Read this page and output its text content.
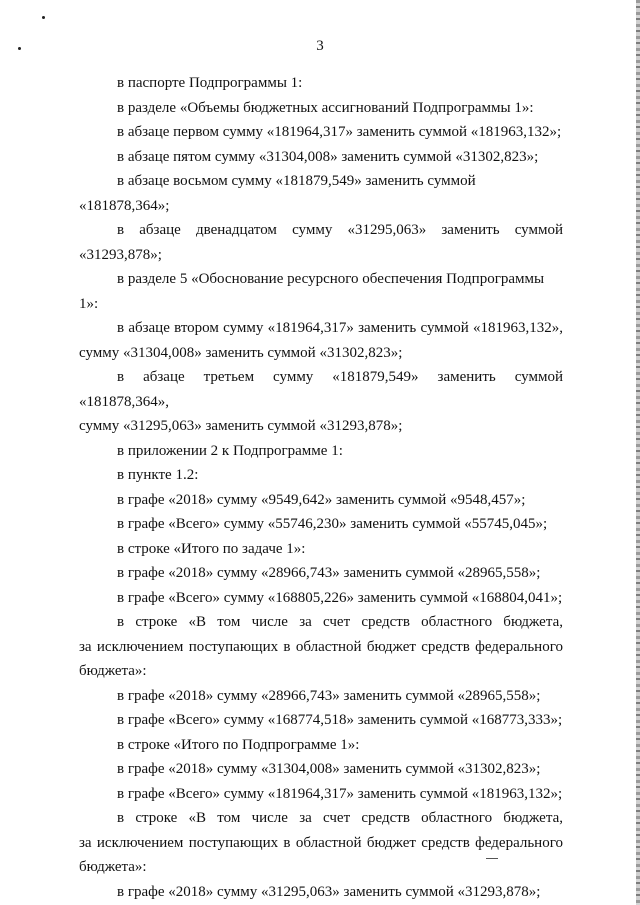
3
в паспорте Подпрограммы 1:
в разделе «Объемы бюджетных ассигнований Подпрограммы 1»:
в абзаце первом сумму «181964,317» заменить суммой «181963,132»;
в абзаце пятом сумму «31304,008» заменить суммой «31302,823»;
в абзаце восьмом сумму «181879,549» заменить суммой «181878,364»;
в абзаце двенадцатом сумму «31295,063» заменить суммой
«31293,878»;
в разделе 5 «Обоснование ресурсного обеспечения Подпрограммы 1»:
в абзаце втором сумму «181964,317» заменить суммой «181963,132»,
сумму «31304,008» заменить суммой «31302,823»;
в абзаце третьем сумму «181879,549» заменить суммой «181878,364»,
сумму «31295,063» заменить суммой «31293,878»;
в приложении 2 к Подпрограмме 1:
в пункте 1.2:
в графе «2018» сумму «9549,642» заменить суммой «9548,457»;
в графе «Всего» сумму «55746,230» заменить суммой «55745,045»;
в строке «Итого по задаче 1»:
в графе «2018» сумму «28966,743» заменить суммой «28965,558»;
в графе «Всего» сумму «168805,226» заменить суммой «168804,041»;
в строке «В том числе за счет средств областного бюджета,
за исключением поступающих в областной бюджет средств федерального
бюджета»:
в графе «2018» сумму «28966,743» заменить суммой «28965,558»;
в графе «Всего» сумму «168774,518» заменить суммой «168773,333»;
в строке «Итого по Подпрограмме 1»:
в графе «2018» сумму «31304,008» заменить суммой «31302,823»;
в графе «Всего» сумму «181964,317» заменить суммой «181963,132»;
в строке «В том числе за счет средств областного бюджета,
за исключением поступающих в областной бюджет средств федерального
бюджета»:
в графе «2018» сумму «31295,063» заменить суммой «31293,878»;
